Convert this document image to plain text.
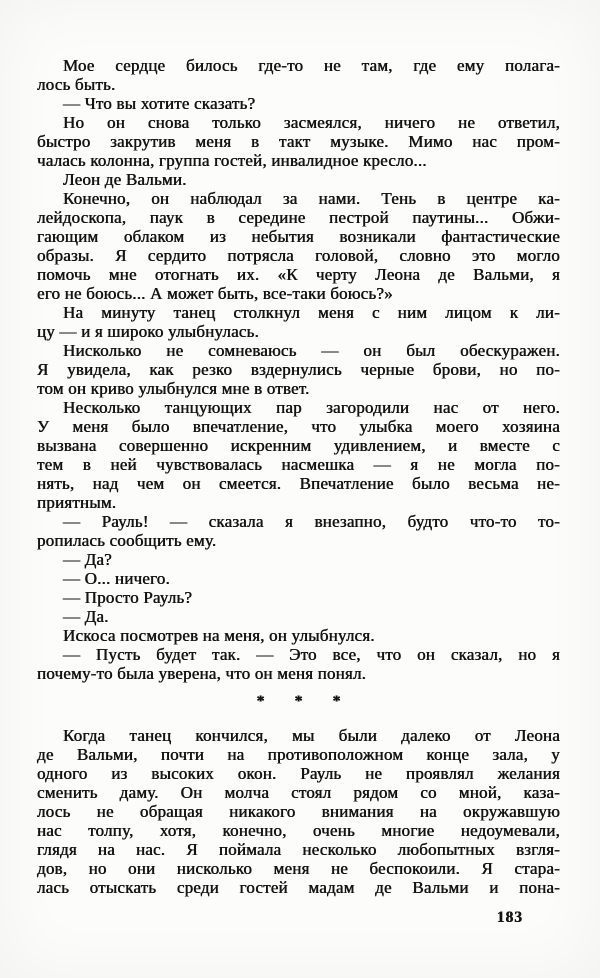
Мое сердце билось где-то не там, где ему полага-
лось быть.
— Что вы хотите сказать?
Но он снова только засмеялся, ничего не ответил,
быстро закрутив меня в такт музыке. Мимо нас пром-
чалась колонна, группа гостей, инвалидное кресло...
Леон де Вальми.
Конечно, он наблюдал за нами. Тень в центре ка-
лейдоскопа, паук в середине пестрой паутины... Обжи-
гающим облаком из небытия возникали фантастические
образы. Я сердито потрясла головой, словно это могло
помочь мне отогнать их. «К черту Леона де Вальми, я
его не боюсь... А может быть, все-таки боюсь?»
На минуту танец столкнул меня с ним лицом к ли-
цу — и я широко улыбнулась.
Нисколько не сомневаюсь — он был обескуражен.
Я увидела, как резко вздернулись черные брови, но по-
том он криво улыбнулся мне в ответ.
Несколько танцующих пар загородили нас от него.
У меня было впечатление, что улыбка моего хозяина
вызвана совершенно искренним удивлением, и вместе с
тем в ней чувствовалась насмешка — я не могла по-
нять, над чем он смеется. Впечатление было весьма не-
приятным.
— Рауль! — сказала я внезапно, будто что-то то-
ропилась сообщить ему.
— Да?
— О... ничего.
— Просто Рауль?
— Да.
Искоса посмотрев на меня, он улыбнулся.
— Пусть будет так. — Это все, что он сказал, но я
почему-то была уверена, что он меня понял.
* * *
Когда танец кончился, мы были далеко от Леона
де Вальми, почти на противоположном конце зала, у
одного из высоких окон. Рауль не проявлял желания
сменить даму. Он молча стоял рядом со мной, каза-
лось не обращая никакого внимания на окружавшую
нас толпу, хотя, конечно, очень многие недоумевали,
глядя на нас. Я поймала несколько любопытных взгля-
дов, но они нисколько меня не беспокоили. Я стара-
лась отыскать среди гостей мадам де Вальми и пона-
183
